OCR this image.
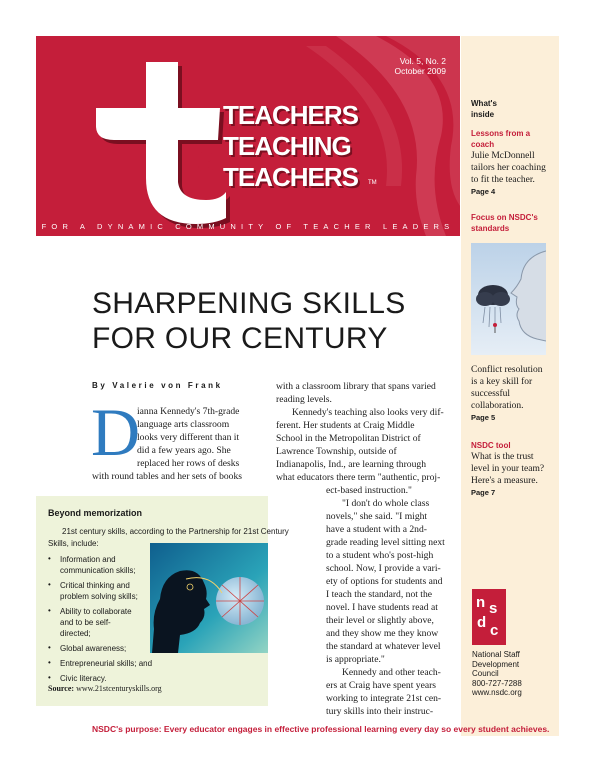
Vol. 5, No. 2
October 2009
3
TEACHERS
TEACHING
TEACHERS TM
FOR A DYNAMIC COMMUNITY OF TEACHER LEADERS
What's
inside
Lessons from a
coach
Julie McDonnell
tailors her coaching
to fit the teacher.
Page 4
Focus on NSDC's
standards
Conflict resolution
is a key skill for
successful
collaboration.
Page 5
NSDC tool
What is the trust
level in your team?
Here's a measure.
Page 7
n s
d c
National Staff
Development
Council
800-727-7288
www.nsdc.org
SHARPENING SKILLS
FOR OUR CENTURY
By Valerie von Frank
D
ianna Kennedy's 7th-grade
language arts classroom
looks very different than it
did a few years ago. She
replaced her rows of desks
with round tables and her sets of books
with a classroom library that spans varied
reading levels.
Kennedy's teaching also looks very dif-
ferent. Her students at Craig Middle
School in the Metropolitan District of
Lawrence Township, outside of
Indianapolis, Ind., are learning through
what educators there term "authentic, proj-
ect-based instruction."
"I don't do whole class
novels," she said. "I might
have a student with a 2nd-
grade reading level sitting next
to a student who's post-high
school. Now, I provide a vari-
ety of options for students and
I teach the standard, not the
novel. I have students read at
their level or slightly above,
and they show me they know
the standard at whatever level
is appropriate."
Kennedy and other teach-
ers at Craig have spent years
working to integrate 21st cen-
tury skills into their instruc-
Beyond memorization
21st century skills, according to the Partnership for 21st Century
Skills, include:
• Information and
communication skills;
• Critical thinking and
problem solving skills;
• Ability to collaborate
and to be self-
directed;
• Global awareness;
• Entrepreneurial skills; and
• Civic literacy.
Source: www.21stcenturyskills.org
NSDC's purpose: Every educator engages in effective professional learning every day so every student achieves.
